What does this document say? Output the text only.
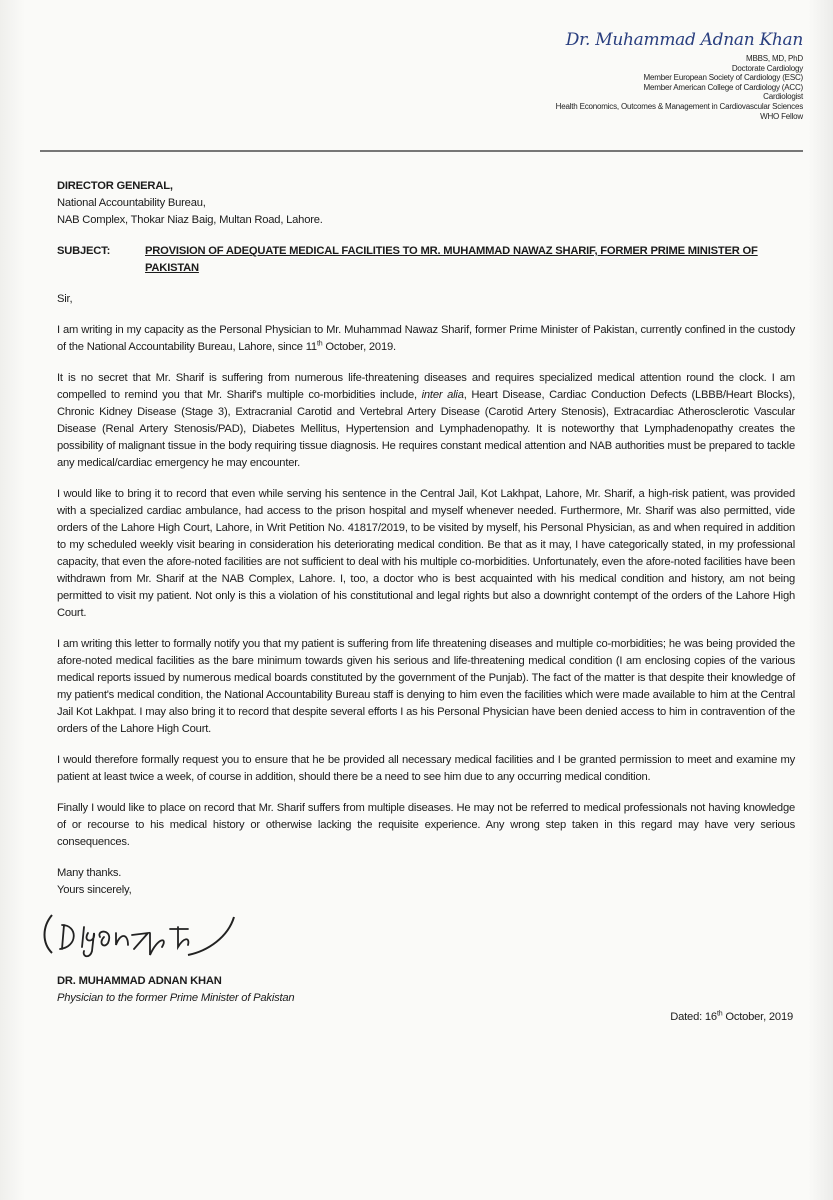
Dr. Muhammad Adnan Khan
MBBS, MD, PhD
Doctorate Cardiology
Member European Society of Cardiology (ESC)
Member American College of Cardiology (ACC)
Cardiologist
Health Economics, Outcomes & Management in Cardiovascular Sciences
WHO Fellow
DIRECTOR GENERAL,
National Accountability Bureau,
NAB Complex, Thokar Niaz Baig, Multan Road, Lahore.
SUBJECT:	PROVISION OF ADEQUATE MEDICAL FACILITIES TO MR. MUHAMMAD NAWAZ SHARIF, FORMER PRIME MINISTER OF PAKISTAN
Sir,
I am writing in my capacity as the Personal Physician to Mr. Muhammad Nawaz Sharif, former Prime Minister of Pakistan, currently confined in the custody of the National Accountability Bureau, Lahore, since 11th October, 2019.
It is no secret that Mr. Sharif is suffering from numerous life-threatening diseases and requires specialized medical attention round the clock. I am compelled to remind you that Mr. Sharif's multiple co-morbidities include, inter alia, Heart Disease, Cardiac Conduction Defects (LBBB/Heart Blocks), Chronic Kidney Disease (Stage 3), Extracranial Carotid and Vertebral Artery Disease (Carotid Artery Stenosis), Extracardiac Atherosclerotic Vascular Disease (Renal Artery Stenosis/PAD), Diabetes Mellitus, Hypertension and Lymphadenopathy. It is noteworthy that Lymphadenopathy creates the possibility of malignant tissue in the body requiring tissue diagnosis. He requires constant medical attention and NAB authorities must be prepared to tackle any medical/cardiac emergency he may encounter.
I would like to bring it to record that even while serving his sentence in the Central Jail, Kot Lakhpat, Lahore, Mr. Sharif, a high-risk patient, was provided with a specialized cardiac ambulance, had access to the prison hospital and myself whenever needed. Furthermore, Mr. Sharif was also permitted, vide orders of the Lahore High Court, Lahore, in Writ Petition No. 41817/2019, to be visited by myself, his Personal Physician, as and when required in addition to my scheduled weekly visit bearing in consideration his deteriorating medical condition. Be that as it may, I have categorically stated, in my professional capacity, that even the afore-noted facilities are not sufficient to deal with his multiple co-morbidities. Unfortunately, even the afore-noted facilities have been withdrawn from Mr. Sharif at the NAB Complex, Lahore. I, too, a doctor who is best acquainted with his medical condition and history, am not being permitted to visit my patient. Not only is this a violation of his constitutional and legal rights but also a downright contempt of the orders of the Lahore High Court.
I am writing this letter to formally notify you that my patient is suffering from life threatening diseases and multiple co-morbidities; he was being provided the afore-noted medical facilities as the bare minimum towards given his serious and life-threatening medical condition (I am enclosing copies of the various medical reports issued by numerous medical boards constituted by the government of the Punjab). The fact of the matter is that despite their knowledge of my patient's medical condition, the National Accountability Bureau staff is denying to him even the facilities which were made available to him at the Central Jail Kot Lakhpat. I may also bring it to record that despite several efforts I as his Personal Physician have been denied access to him in contravention of the orders of the Lahore High Court.
I would therefore formally request you to ensure that he be provided all necessary medical facilities and I be granted permission to meet and examine my patient at least twice a week, of course in addition, should there be a need to see him due to any occurring medical condition.
Finally I would like to place on record that Mr. Sharif suffers from multiple diseases. He may not be referred to medical professionals not having knowledge of or recourse to his medical history or otherwise lacking the requisite experience. Any wrong step taken in this regard may have very serious consequences.
Many thanks.
Yours sincerely,
DR. MUHAMMAD ADNAN KHAN
Physician to the former Prime Minister of Pakistan
Dated: 16th October, 2019
